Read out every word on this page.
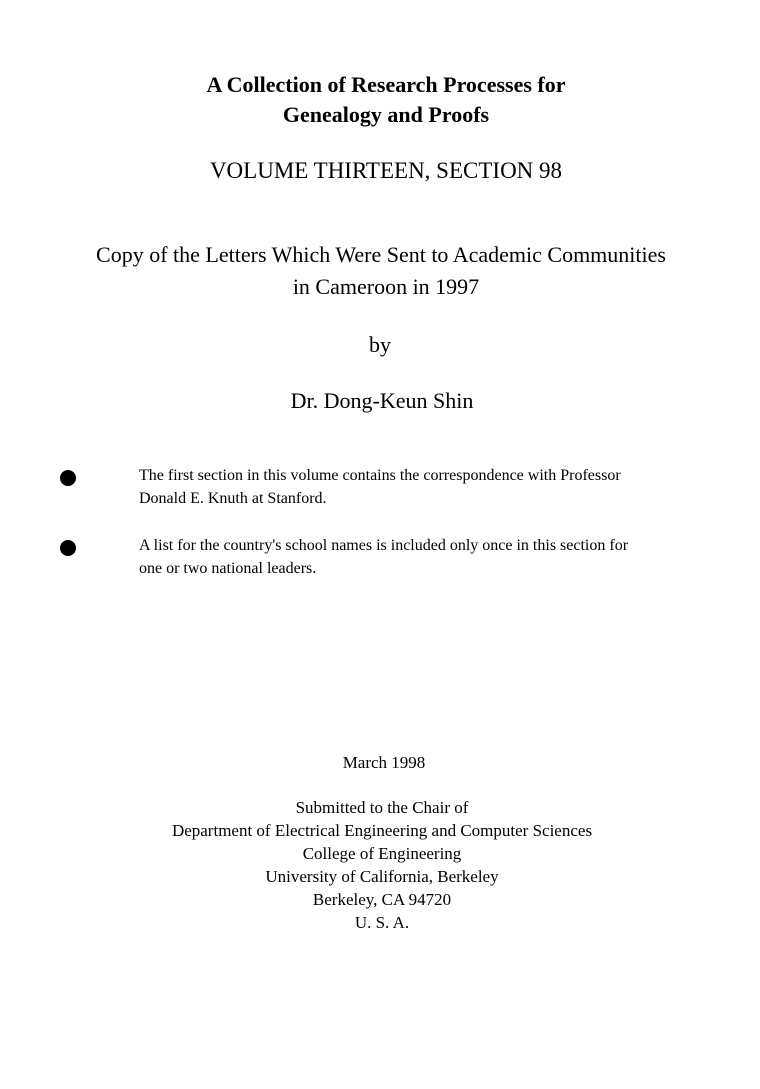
A Collection of Research Processes for
Genealogy and Proofs
VOLUME THIRTEEN, SECTION 98
Copy of the Letters Which Were Sent to Academic Communities
in Cameroon in 1997
by
Dr. Dong-Keun Shin
The first section in this volume contains the correspondence with Professor
Donald E. Knuth at Stanford.
A list for the country's school names is included only once in this section for
one or two national leaders.
March 1998
Submitted to the Chair of
Department of Electrical Engineering and Computer Sciences
College of Engineering
University of California, Berkeley
Berkeley, CA 94720
U. S. A.
